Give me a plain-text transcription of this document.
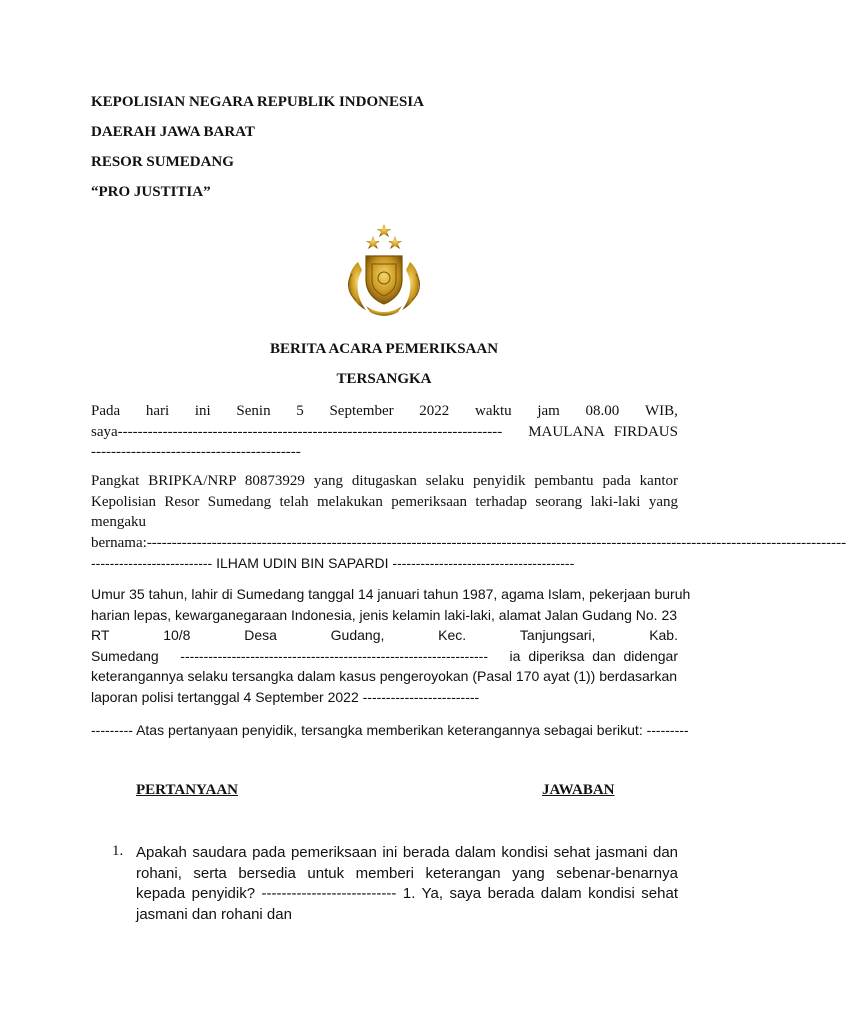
KEPOLISIAN NEGARA REPUBLIK INDONESIA

DAERAH JAWA BARAT

RESOR SUMEDANG

“PRO JUSTITIA”

BERITA ACARA PEMERIKSAAN

TERSANGKA

Pada hari ini Senin 5 September 2022 waktu jam 08.00 WIB,
saya-----------------------------------------------------------------------------	MAULANA FIRDAUS
------------------------------------------
Pangkat BRIPKA/NRP 80873929 yang ditugaskan selaku penyidik pembantu pada kantor Kepolisian Resor Sumedang telah melakukan pemeriksaan terhadap seorang laki-laki yang mengaku
bernama: --------------------------------------------------------------------------------------------------------------------------------------------
-------------------------- ILHAM UDIN BIN SAPARDI ---------------------------------------
Umur 35 tahun, lahir di Sumedang tanggal 14 januari tahun 1987, agama Islam, pekerjaan buruh
harian lepas, kewarganegaraan Indonesia, jenis kelamin laki-laki, alamat Jalan Gudang No. 23
RT	10/8	Desa	Gudang,	Kec.	Tanjungsari,	Kab.
Sumedang ------------------------------------------------------------------ ia diperiksa dan didengar
keterangannya selaku tersangka dalam kasus pengeroyokan (Pasal 170 ayat (1)) berdasarkan
laporan polisi tertanggal 4 September 2022 -------------------------
--------- Atas pertanyaan penyidik, tersangka memberikan keterangannya sebagai berikut: ---------

PERTANYAAN	JAWABAN

1. Apakah saudara pada pemeriksaan ini berada dalam kondisi sehat jasmani dan rohani, serta bersedia untuk memberi keterangan yang sebenar-benarnya kepada penyidik? --------------------------- 1. Ya, saya berada dalam kondisi sehat jasmani dan rohani dan
